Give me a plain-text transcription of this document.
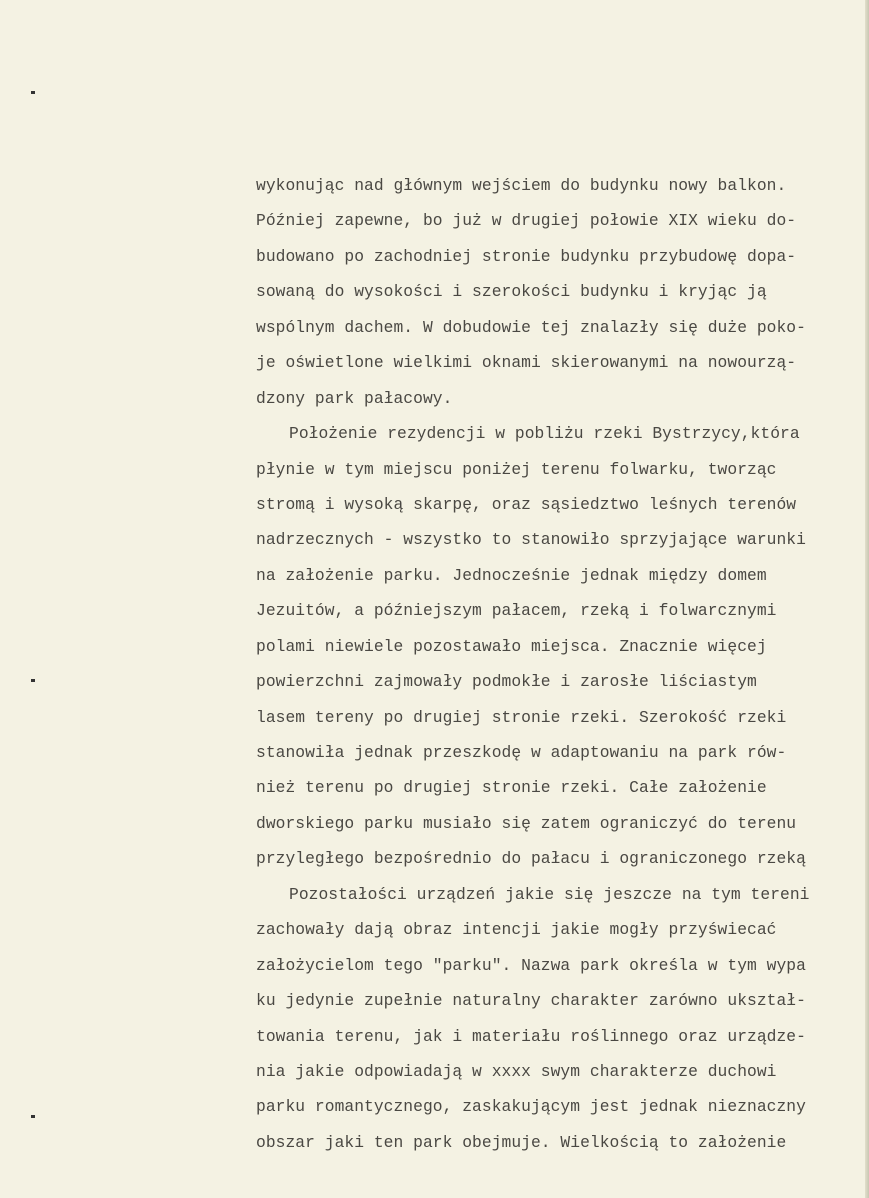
wykonując nad głównym wejściem do budynku nowy balkon.
Później zapewne, bo już w drugiej połowie XIX wieku do-
budowano po zachodniej stronie budynku przybudowę dopa-
sowaną do wysokości i szerokości budynku i kryjąc ją
wspólnym dachem. W dobudowie tej znalazły się duże poko-
je oświetlone wielkimi oknami skierowanymi na nowourzą-
dzony park pałacowy.
Położenie rezydencji w pobliżu rzeki Bystrzycy,która
płynie w tym miejscu poniżej terenu folwarku, tworząc
stromą i wysoką skarpę, oraz sąsiedztwo leśnych terenów
nadrzecznych - wszystko to stanowiło sprzyjające warunki
na założenie parku. Jednocześnie jednak między domem
Jezuitów, a późniejszym pałacem, rzeką i folwarcznymi
polami niewiele pozostawało miejsca. Znacznie więcej
powierzchni zajmowały podmokłe i zarosłe liściastym
lasem tereny po drugiej stronie rzeki. Szerokość rzeki
stanowiła jednak przeszkodę w adaptowaniu na park rów-
nież terenu po drugiej stronie rzeki. Całe założenie
dworskiego parku musiało się zatem ograniczyć do terenu
przyległego bezpośrednio do pałacu i ograniczonego rzeką
Pozostałości urządzeń jakie się jeszcze na tym tereni
zachowały dają obraz intencji jakie mogły przyświecać
założycielom tego "parku". Nazwa park określa w tym wypa
ku jedynie zupełnie naturalny charakter zarówno ukształ-
towania terenu, jak i materiału roślinnego oraz urządze-
nia jakie odpowiadają w xxxx swym charakterze duchowi
parku romantycznego, zaskakującym jest jednak nieznaczny
obszar jaki ten park obejmuje. Wielkością to założenie
